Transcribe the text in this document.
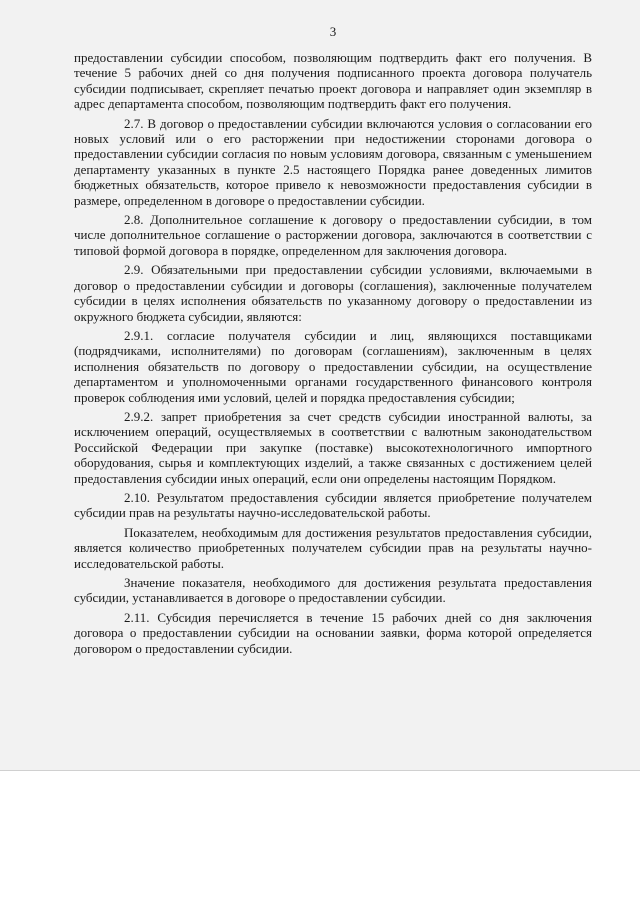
3

предоставлении субсидии способом, позволяющим подтвердить факт его получения. В течение 5 рабочих дней со дня получения подписанного проекта договора получатель субсидии подписывает, скрепляет печатью проект договора и направляет один экземпляр в адрес департамента способом, позволяющим подтвердить факт его получения.

2.7. В договор о предоставлении субсидии включаются условия о согласовании его новых условий или о его расторжении при недостижении сторонами договора о предоставлении субсидии согласия по новым условиям договора, связанным с уменьшением департаменту указанных в пункте 2.5 настоящего Порядка ранее доведенных лимитов бюджетных обязательств, которое привело к невозможности предоставления субсидии в размере, определенном в договоре о предоставлении субсидии.

2.8. Дополнительное соглашение к договору о предоставлении субсидии, в том числе дополнительное соглашение о расторжении договора, заключаются в соответствии с типовой формой договора в порядке, определенном для заключения договора.

2.9. Обязательными при предоставлении субсидии условиями, включаемыми в договор о предоставлении субсидии и договоры (соглашения), заключенные получателем субсидии в целях исполнения обязательств по указанному договору о предоставлении из окружного бюджета субсидии, являются:

2.9.1. согласие получателя субсидии и лиц, являющихся поставщиками (подрядчиками, исполнителями) по договорам (соглашениям), заключенным в целях исполнения обязательств по договору о предоставлении субсидии, на осуществление департаментом и уполномоченными органами государственного финансового контроля проверок соблюдения ими условий, целей и порядка предоставления субсидии;

2.9.2. запрет приобретения за счет средств субсидии иностранной валюты, за исключением операций, осуществляемых в соответствии с валютным законодательством Российской Федерации при закупке (поставке) высокотехнологичного импортного оборудования, сырья и комплектующих изделий, а также связанных с достижением целей предоставления субсидии иных операций, если они определены настоящим Порядком.

2.10. Результатом предоставления субсидии является приобретение получателем субсидии прав на результаты научно-исследовательской работы.

Показателем, необходимым для достижения результатов предоставления субсидии, является количество приобретенных получателем субсидии прав на результаты научно-исследовательской работы.

Значение показателя, необходимого для достижения результата предоставления субсидии, устанавливается в договоре о предоставлении субсидии.

2.11. Субсидия перечисляется в течение 15 рабочих дней со дня заключения договора о предоставлении субсидии на основании заявки, форма которой определяется договором о предоставлении субсидии.
